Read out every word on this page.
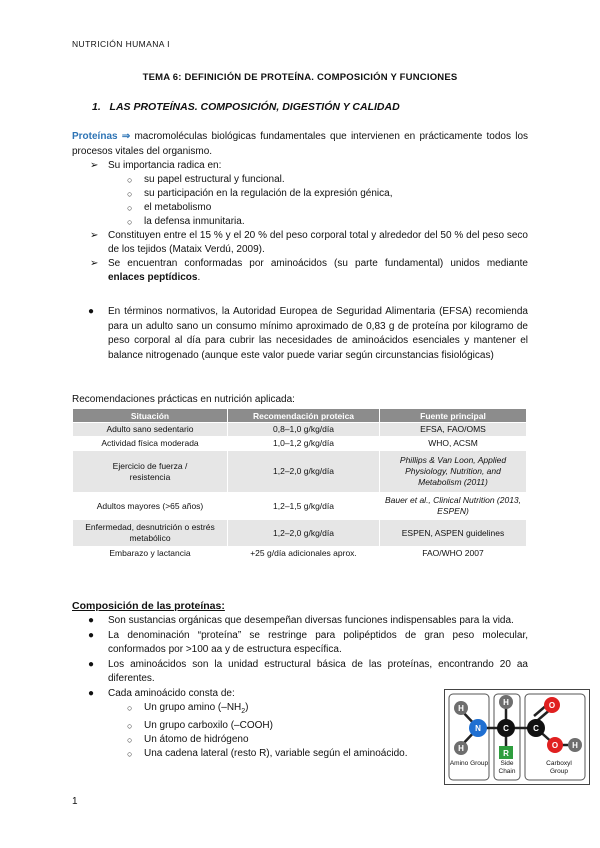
NUTRICIÓN HUMANA I
TEMA 6: DEFINICIÓN DE PROTEÍNA. COMPOSICIÓN Y FUNCIONES
1. LAS PROTEÍNAS. COMPOSICIÓN, DIGESTIÓN Y CALIDAD
Proteínas ⇒ macromoléculas biológicas fundamentales que intervienen en prácticamente todos los procesos vitales del organismo.
➢ Su importancia radica en:
○ su papel estructural y funcional.
○ su participación en la regulación de la expresión génica,
○ el metabolismo
○ la defensa inmunitaria.
➢ Constituyen entre el 15 % y el 20 % del peso corporal total y alrededor del 50 % del peso seco de los tejidos (Mataix Verdú, 2009).
➢ Se encuentran conformadas por aminoácidos (su parte fundamental) unidos mediante enlaces peptídicos.
● En términos normativos, la Autoridad Europea de Seguridad Alimentaria (EFSA) recomienda para un adulto sano un consumo mínimo aproximado de 0,83 g de proteína por kilogramo de peso corporal al día para cubrir las necesidades de aminoácidos esenciales y mantener el balance nitrogenado (aunque este valor puede variar según circunstancias fisiológicas)
Recomendaciones prácticas en nutrición aplicada:
Situación	Recomendación proteica	Fuente principal
Adulto sano sedentario	0,8–1,0 g/kg/día	EFSA, FAO/OMS
Actividad física moderada	1,0–1,2 g/kg/día	WHO, ACSM
Ejercicio de fuerza / resistencia	1,2–2,0 g/kg/día	Phillips & Van Loon, Applied Physiology, Nutrition, and Metabolism (2011)
Adultos mayores (>65 años)	1,2–1,5 g/kg/día	Bauer et al., Clinical Nutrition (2013, ESPEN)
Enfermedad, desnutrición o estrés metabólico	1,2–2,0 g/kg/día	ESPEN, ASPEN guidelines
Embarazo y lactancia	+25 g/día adicionales aprox.	FAO/WHO 2007
Composición de las proteínas:
● Son sustancias orgánicas que desempeñan diversas funciones indispensables para la vida.
● La denominación “proteína” se restringe para polipéptidos de gran peso molecular, conformados por >100 aa y de estructura específica.
● Los aminoácidos son la unidad estructural básica de las proteínas, encontrando 20 aa diferentes.
● Cada aminoácido consta de:
○ Un grupo amino $(-NH_2)$
○ Un grupo carboxilo (–COOH)
○ Un átomo de hidrógeno
○ Una cadena lateral (resto R), variable según el aminoácido.
H
H
N
H
C
R
C
O
O H
Amino Group	Side Chain
Carboxyl Group
1
